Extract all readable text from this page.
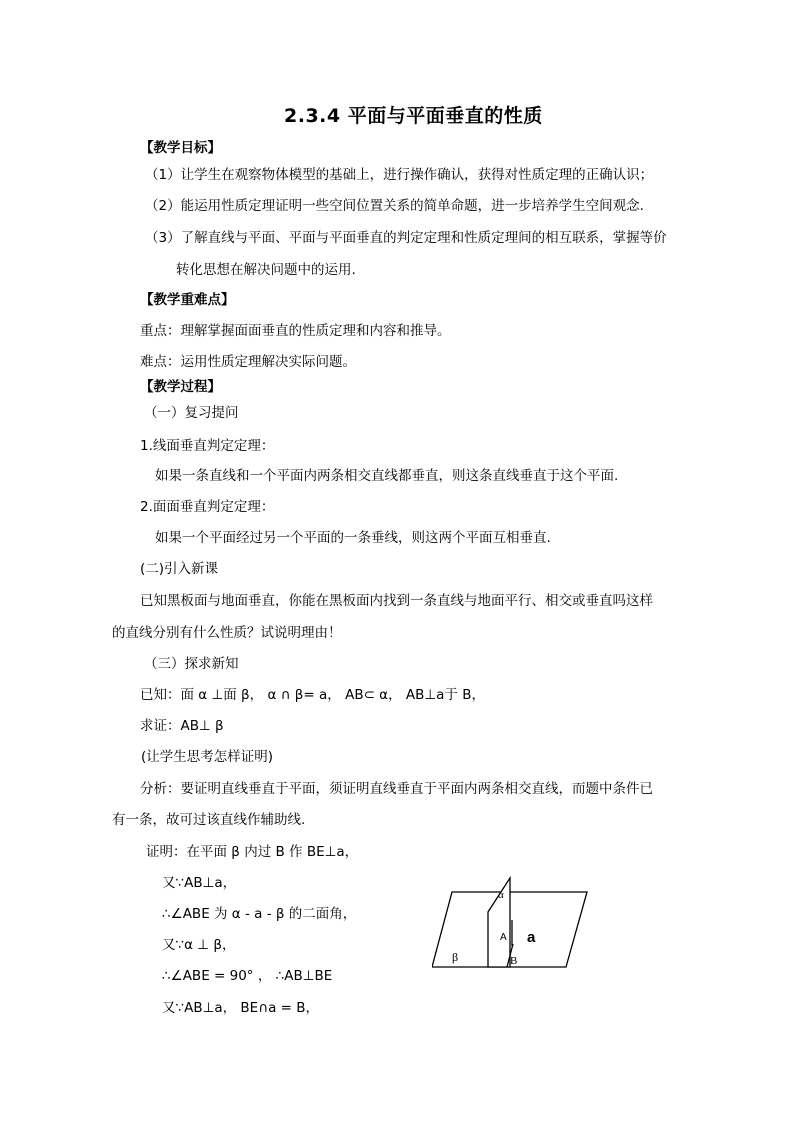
2.3.4 平面与平面垂直的性质
【教学目标】
（1）让学生在观察物体模型的基础上，进行操作确认，获得对性质定理的正确认识；
（2）能运用性质定理证明一些空间位置关系的简单命题，进一步培养学生空间观念.
（3）了解直线与平面、平面与平面垂直的判定定理和性质定理间的相互联系，掌握等价
转化思想在解决问题中的运用.
【教学重难点】
重点：理解掌握面面垂直的性质定理和内容和推导。
难点：运用性质定理解决实际问题。
【教学过程】
（一）复习提问
1.线面垂直判定定理：
如果一条直线和一个平面内两条相交直线都垂直，则这条直线垂直于这个平面.
2.面面垂直判定定理：
如果一个平面经过另一个平面的一条垂线，则这两个平面互相垂直.
(二)引入新课
已知黑板面与地面垂直，你能在黑板面内找到一条直线与地面平行、相交或垂直吗这样
的直线分别有什么性质？试说明理由！
（三）探求新知
已知：面 α ⊥面 β， α ∩ β= a， AB⊂ α， AB⊥a于 B，
求证：AB⊥ β
(让学生思考怎样证明)
分析：要证明直线垂直于平面，须证明直线垂直于平面内两条相交直线，而题中条件已
有一条，故可过该直线作辅助线.
证明：在平面 β 内过 B 作 BE⊥a，
又∵AB⊥a，
∴∠ABE 为 α - a - β 的二面角，
又∵α ⊥ β，
∴∠ABE = 90° ， ∴AB⊥BE
又∵AB⊥a， BE∩a = B，
α
β
a
A
B
